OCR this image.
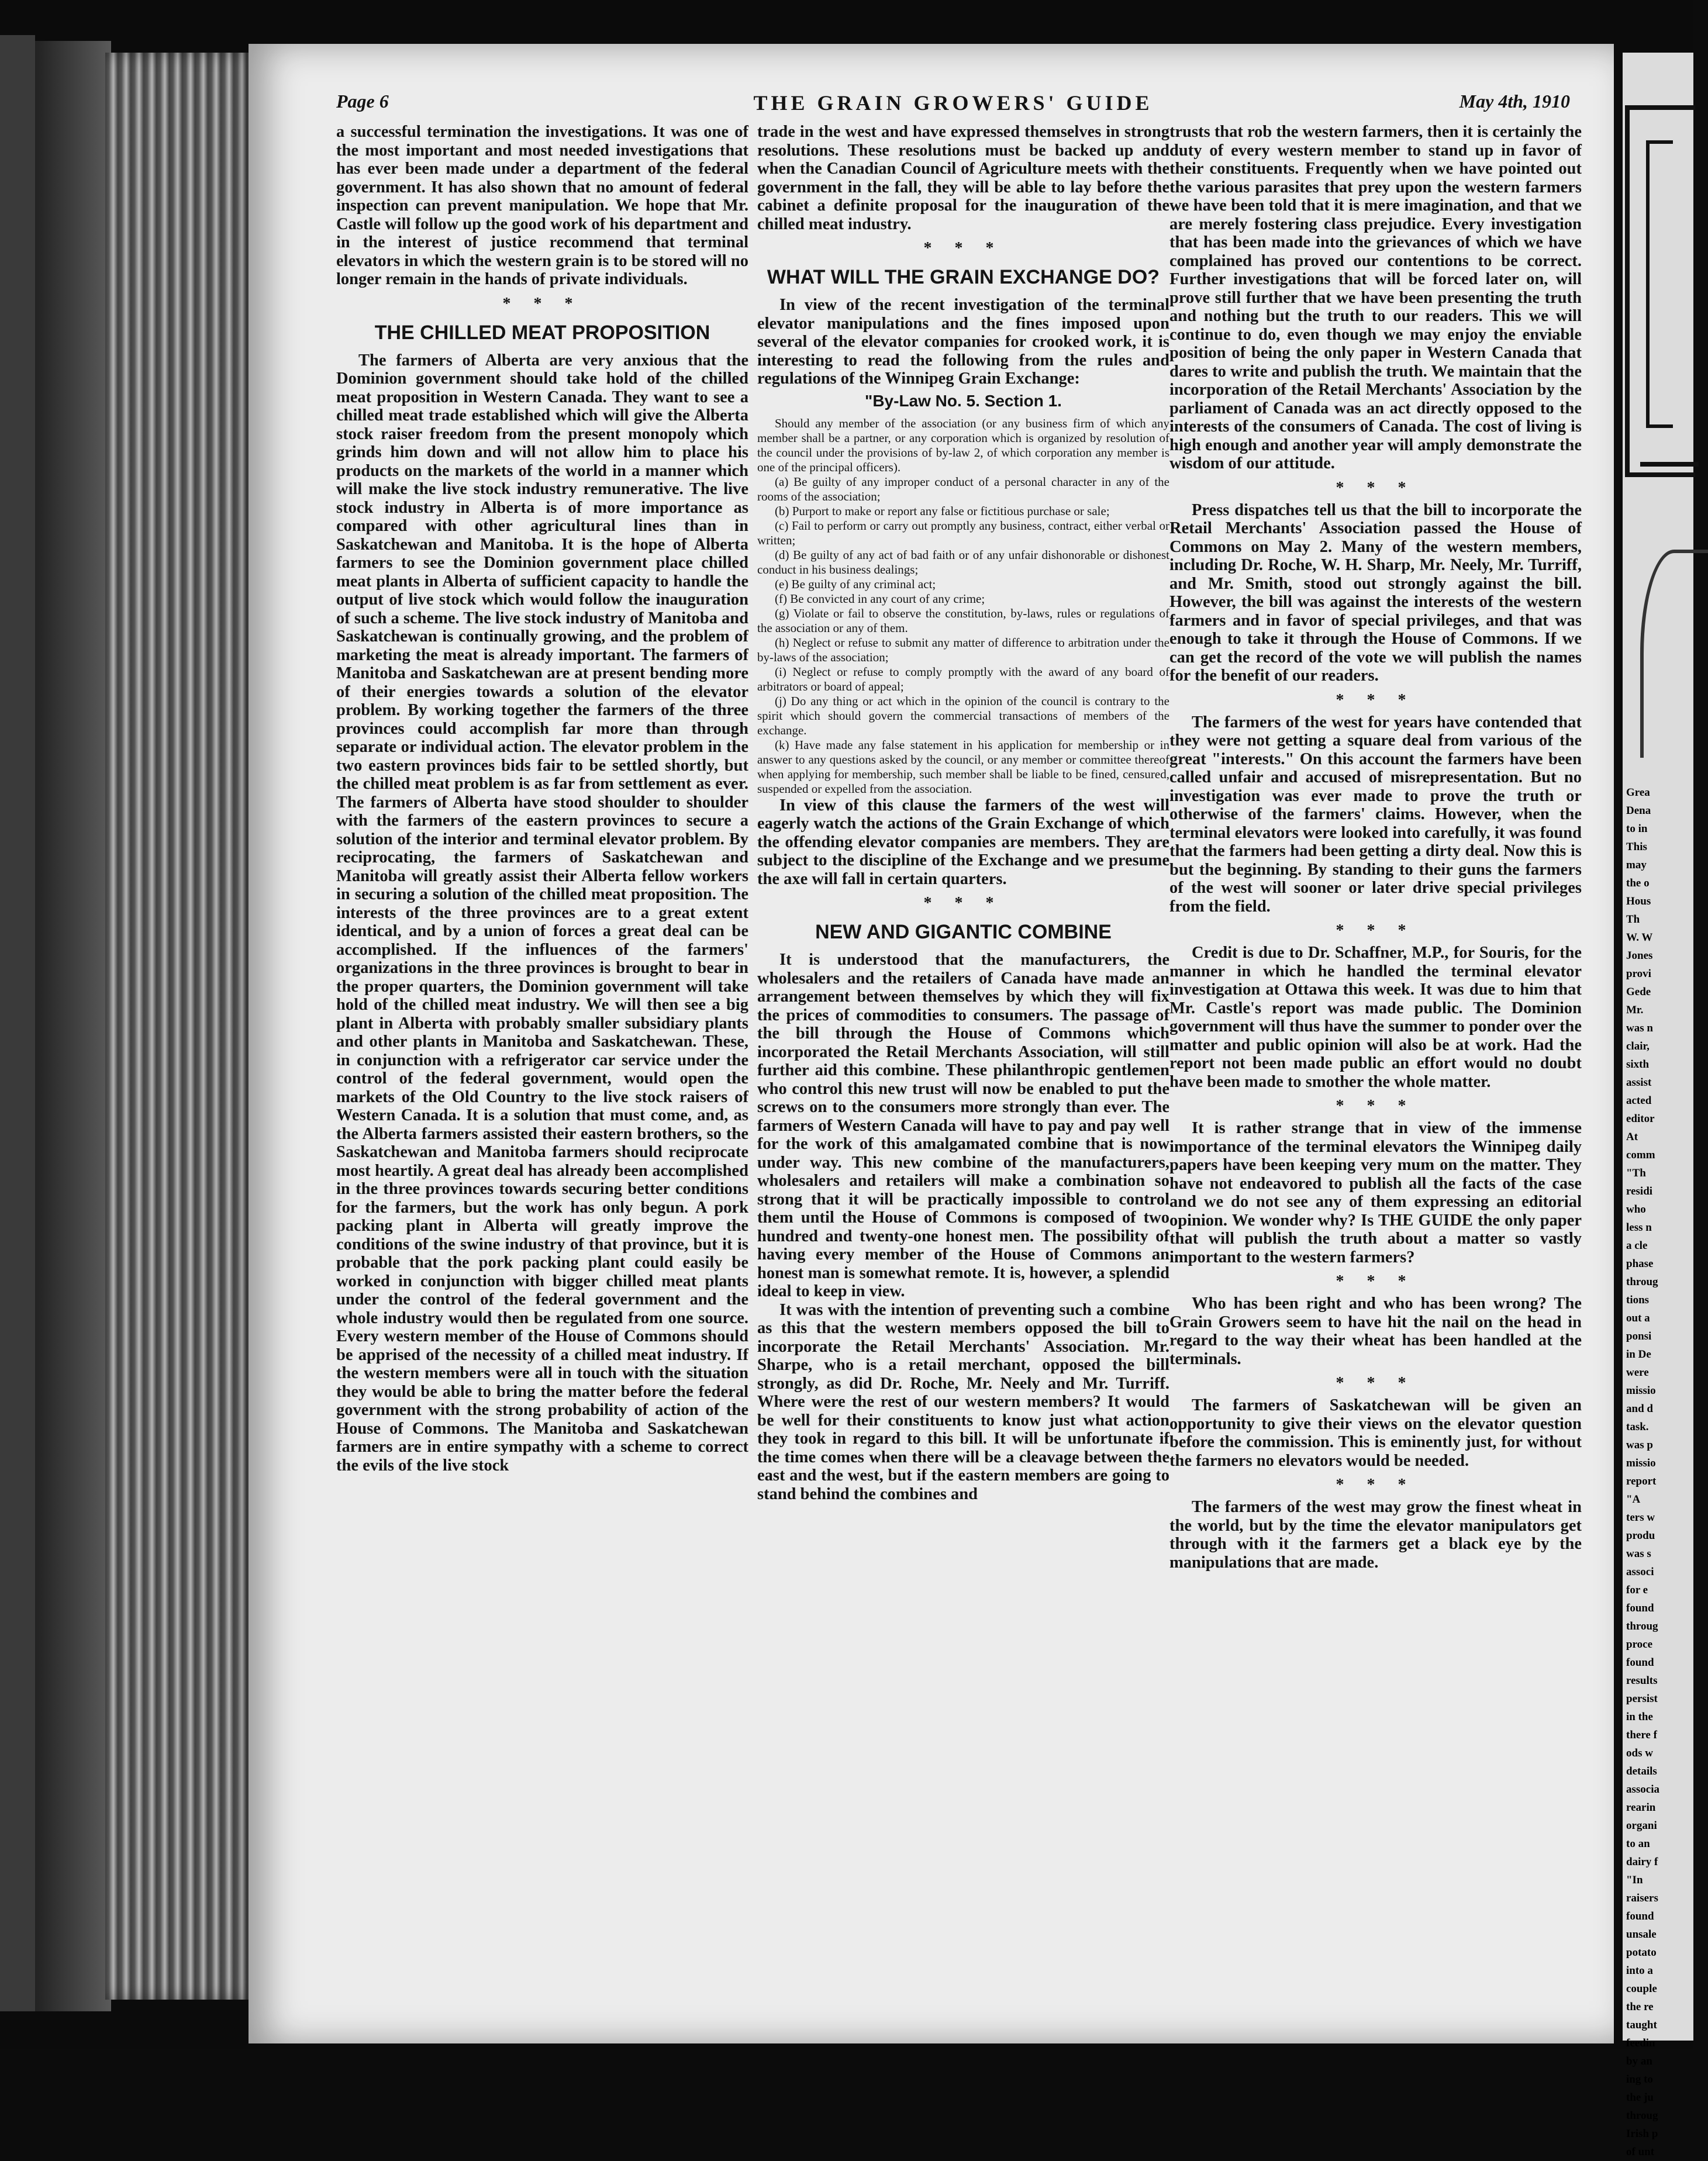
Page 6	THE GRAIN GROWERS' GUIDE	May 4th, 1910

a successful termination the investigations. It was one of the most important and most needed investigations that has ever been made under a department of the federal government. It has also shown that no amount of federal inspection can prevent manipulation. We hope that Mr. Castle will follow up the good work of his department and in the interest of justice recommend that terminal elevators in which the western grain is to be stored will no longer remain in the hands of private individuals.

* * *
THE CHILLED MEAT PROPOSITION

The farmers of Alberta are very anxious that the Dominion government should take hold of the chilled meat proposition in Western Canada. They want to see a chilled meat trade established which will give the Alberta stock raiser freedom from the present monopoly which grinds him down and will not allow him to place his products on the markets of the world in a manner which will make the live stock industry remunerative. The live stock industry in Alberta is of more importance as compared with other agricultural lines than in Saskatchewan and Manitoba. It is the hope of Alberta farmers to see the Dominion government place chilled meat plants in Alberta of sufficient capacity to handle the output of live stock which would follow the inauguration of such a scheme. The live stock industry of Manitoba and Saskatchewan is continually growing, and the problem of marketing the meat is already important. The farmers of Manitoba and Saskatchewan are at present bending more of their energies towards a solution of the elevator problem. By working together the farmers of the three provinces could accomplish far more than through separate or individual action. The elevator problem in the two eastern provinces bids fair to be settled shortly, but the chilled meat problem is as far from settlement as ever. The farmers of Alberta have stood shoulder to shoulder with the farmers of the eastern provinces to secure a solution of the interior and terminal elevator problem. By reciprocating, the farmers of Saskatchewan and Manitoba will greatly assist their Alberta fellow workers in securing a solution of the chilled meat proposition. The interests of the three provinces are to a great extent identical, and by a union of forces a great deal can be accomplished. If the influences of the farmers' organizations in the three provinces is brought to bear in the proper quarters, the Dominion government will take hold of the chilled meat industry. We will then see a big plant in Alberta with probably smaller subsidiary plants and other plants in Manitoba and Saskatchewan. These, in conjunction with a refrigerator car service under the control of the federal government, would open the markets of the Old Country to the live stock raisers of Western Canada. It is a solution that must come, and, as the Alberta farmers assisted their eastern brothers, so the Saskatchewan and Manitoba farmers should reciprocate most heartily. A great deal has already been accomplished in the three provinces towards securing better conditions for the farmers, but the work has only begun. A pork packing plant in Alberta will greatly improve the conditions of the swine industry of that province, but it is probable that the pork packing plant could easily be worked in conjunction with bigger chilled meat plants under the control of the federal government and the whole industry would then be regulated from one source. Every western member of the House of Commons should be apprised of the necessity of a chilled meat industry. If the western members were all in touch with the situation they would be able to bring the matter before the federal government with the strong probability of action of the House of Commons. The Manitoba and Saskatchewan farmers are in entire sympathy with a scheme to correct the evils of the live stock

trade in the west and have expressed themselves in strong resolutions. These resolutions must be backed up and when the Canadian Council of Agriculture meets with the government in the fall, they will be able to lay before the cabinet a definite proposal for the inauguration of the chilled meat industry.

* * *
WHAT WILL THE GRAIN EXCHANGE DO?

In view of the recent investigation of the terminal elevator manipulations and the fines imposed upon several of the elevator companies for crooked work, it is interesting to read the following from the rules and regulations of the Winnipeg Grain Exchange:

"By-Law No. 5. Section 1.

Should any member of the association (or any business firm of which any member shall be a partner, or any corporation which is organized by resolution of the council under the provisions of by-law 2, of which corporation any member is one of the principal officers).

(a) Be guilty of any improper conduct of a personal character in any of the rooms of the association;

(b) Purport to make or report any false or fictitious purchase or sale;

(c) Fail to perform or carry out promptly any business, contract, either verbal or written;

(d) Be guilty of any act of bad faith or of any unfair dishonorable or dishonest conduct in his business dealings;

(e) Be guilty of any criminal act;

(f) Be convicted in any court of any crime;

(g) Violate or fail to observe the constitution, by-laws, rules or regulations of the association or any of them.

(h) Neglect or refuse to submit any matter of difference to arbitration under the by-laws of the association;

(i) Neglect or refuse to comply promptly with the award of any board of arbitrators or board of appeal;

(j) Do any thing or act which in the opinion of the council is contrary to the spirit which should govern the commercial transactions of members of the exchange.

(k) Have made any false statement in his application for membership or in answer to any questions asked by the council, or any member or committee thereof when applying for membership, such member shall be liable to be fined, censured, suspended or expelled from the association.

In view of this clause the farmers of the west will eagerly watch the actions of the Grain Exchange of which the offending elevator companies are members. They are subject to the discipline of the Exchange and we presume the axe will fall in certain quarters.

* * *
NEW AND GIGANTIC COMBINE

It is understood that the manufacturers, the wholesalers and the retailers of Canada have made an arrangement between themselves by which they will fix the prices of commodities to consumers. The passage of the bill through the House of Commons which incorporated the Retail Merchants Association, will still further aid this combine. These philanthropic gentlemen who control this new trust will now be enabled to put the screws on to the consumers more strongly than ever. The farmers of Western Canada will have to pay and pay well for the work of this amalgamated combine that is now under way. This new combine of the manufacturers, wholesalers and retailers will make a combination so strong that it will be practically impossible to control them until the House of Commons is composed of two hundred and twenty-one honest men. The possibility of having every member of the House of Commons an honest man is somewhat remote. It is, however, a splendid ideal to keep in view.

It was with the intention of preventing such a combine as this that the western members opposed the bill to incorporate the Retail Merchants' Association. Mr. Sharpe, who is a retail merchant, opposed the bill strongly, as did Dr. Roche, Mr. Neely and Mr. Turriff. Where were the rest of our western members? It would be well for their constituents to know just what action they took in regard to this bill. It will be unfortunate if the time comes when there will be a cleavage between the east and the west, but if the eastern members are going to stand behind the combines and

trusts that rob the western farmers, then it is certainly the duty of every western member to stand up in favor of their constituents. Frequently when we have pointed out the various parasites that prey upon the western farmers we have been told that it is mere imagination, and that we are merely fostering class prejudice. Every investigation that has been made into the grievances of which we have complained has proved our contentions to be correct. Further investigations that will be forced later on, will prove still further that we have been presenting the truth and nothing but the truth to our readers. This we will continue to do, even though we may enjoy the enviable position of being the only paper in Western Canada that dares to write and publish the truth. We maintain that the incorporation of the Retail Merchants' Association by the parliament of Canada was an act directly opposed to the interests of the consumers of Canada. The cost of living is high enough and another year will amply demonstrate the wisdom of our attitude.

* * *

Press dispatches tell us that the bill to incorporate the Retail Merchants' Association passed the House of Commons on May 2. Many of the western members, including Dr. Roche, W. H. Sharp, Mr. Neely, Mr. Turriff, and Mr. Smith, stood out strongly against the bill. However, the bill was against the interests of the western farmers and in favor of special privileges, and that was enough to take it through the House of Commons. If we can get the record of the vote we will publish the names for the benefit of our readers.

* * *

The farmers of the west for years have contended that they were not getting a square deal from various of the great "interests." On this account the farmers have been called unfair and accused of misrepresentation. But no investigation was ever made to prove the truth or otherwise of the farmers' claims. However, when the terminal elevators were looked into carefully, it was found that the farmers had been getting a dirty deal. Now this is but the beginning. By standing to their guns the farmers of the west will sooner or later drive special privileges from the field.

* * *

Credit is due to Dr. Schaffner, M.P., for Souris, for the manner in which he handled the terminal elevator investigation at Ottawa this week. It was due to him that Mr. Castle's report was made public. The Dominion government will thus have the summer to ponder over the matter and public opinion will also be at work. Had the report not been made public an effort would no doubt have been made to smother the whole matter.

* * *

It is rather strange that in view of the immense importance of the terminal elevators the Winnipeg daily papers have been keeping very mum on the matter. They have not endeavored to publish all the facts of the case and we do not see any of them expressing an editorial opinion. We wonder why? Is THE GUIDE the only paper that will publish the truth about a matter so vastly important to the western farmers?

* * *

Who has been right and who has been wrong? The Grain Growers seem to have hit the nail on the head in regard to the way their wheat has been handled at the terminals.

* * *

The farmers of Saskatchewan will be given an opportunity to give their views on the elevator question before the commission. This is eminently just, for without the farmers no elevators would be needed.

* * *

The farmers of the west may grow the finest wheat in the world, but by the time the elevator manipulators get through with it the farmers get a black eye by the manipulations that are made.

Grea
Dena
to in
This
may
the o
Hous
Th
W. W
Jones
provi
Gede
Mr.
was n
clair,
sixth
assist
acted
editor
At
comm
"Th
residi
who
less n
a cle
phase
throug
tions
out a
ponsi
in De
were
missio
and d
task.
was p
missio
report
"A
ters w
produ
was s
associ
for e
found
throug
proce
found
results
persist
in the
there f
ods w
details
associa
rearin
organi
to an
dairy f
"In
raisers
found
unsale
potato
into a
couple
the re
taught
feedin
by an
ing to
the ju
throug
Irish p
of unt
